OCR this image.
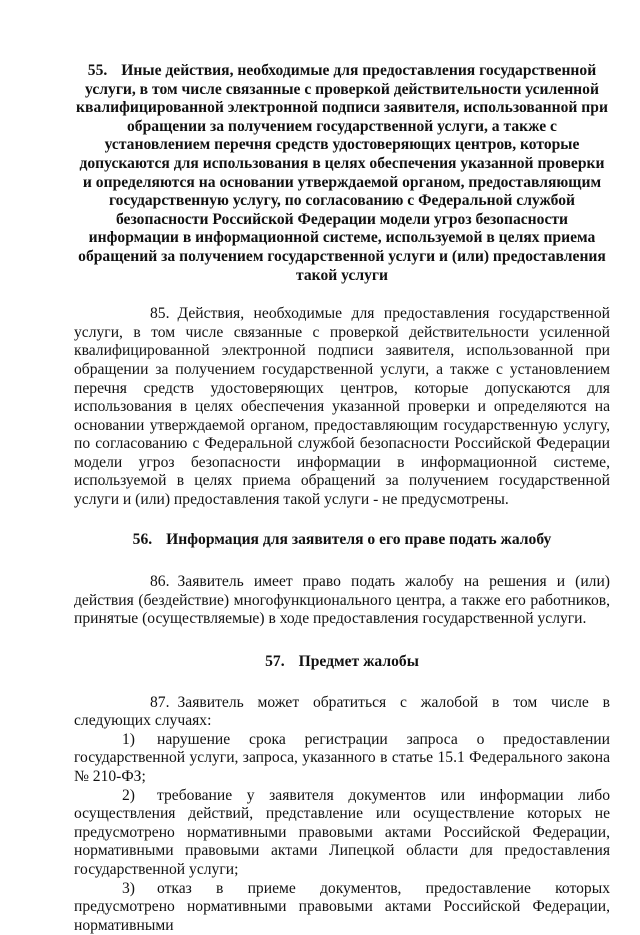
55. Иные действия, необходимые для предоставления государственной услуги, в том числе связанные с проверкой действительности усиленной квалифицированной электронной подписи заявителя, использованной при обращении за получением государственной услуги, а также с установлением перечня средств удостоверяющих центров, которые допускаются для использования в целях обеспечения указанной проверки и определяются на основании утверждаемой органом, предоставляющим государственную услугу, по согласованию с Федеральной службой безопасности Российской Федерации модели угроз безопасности информации в информационной системе, используемой в целях приема обращений за получением государственной услуги и (или) предоставления такой услуги

85. Действия, необходимые для предоставления государственной услуги, в том числе связанные с проверкой действительности усиленной квалифицированной электронной подписи заявителя, использованной при обращении за получением государственной услуги, а также с установлением перечня средств удостоверяющих центров, которые допускаются для использования в целях обеспечения указанной проверки и определяются на основании утверждаемой органом, предоставляющим государственную услугу, по согласованию с Федеральной службой безопасности Российской Федерации модели угроз безопасности информации в информационной системе, используемой в целях приема обращений за получением государственной услуги и (или) предоставления такой услуги - не предусмотрены.

56. Информация для заявителя о его праве подать жалобу

86. Заявитель имеет право подать жалобу на решения и (или) действия (бездействие) многофункционального центра, а также его работников, принятые (осуществляемые) в ходе предоставления государственной услуги.

57. Предмет жалобы

87. Заявитель может обратиться с жалобой в том числе в следующих случаях:

1) нарушение срока регистрации запроса о предоставлении государственной услуги, запроса, указанного в статье 15.1 Федерального закона № 210-ФЗ;

2) требование у заявителя документов или информации либо осуществления действий, представление или осуществление которых не предусмотрено нормативными правовыми актами Российской Федерации, нормативными правовыми актами Липецкой области для предоставления государственной услуги;

3) отказ в приеме документов, предоставление которых предусмотрено нормативными правовыми актами Российской Федерации, нормативными
